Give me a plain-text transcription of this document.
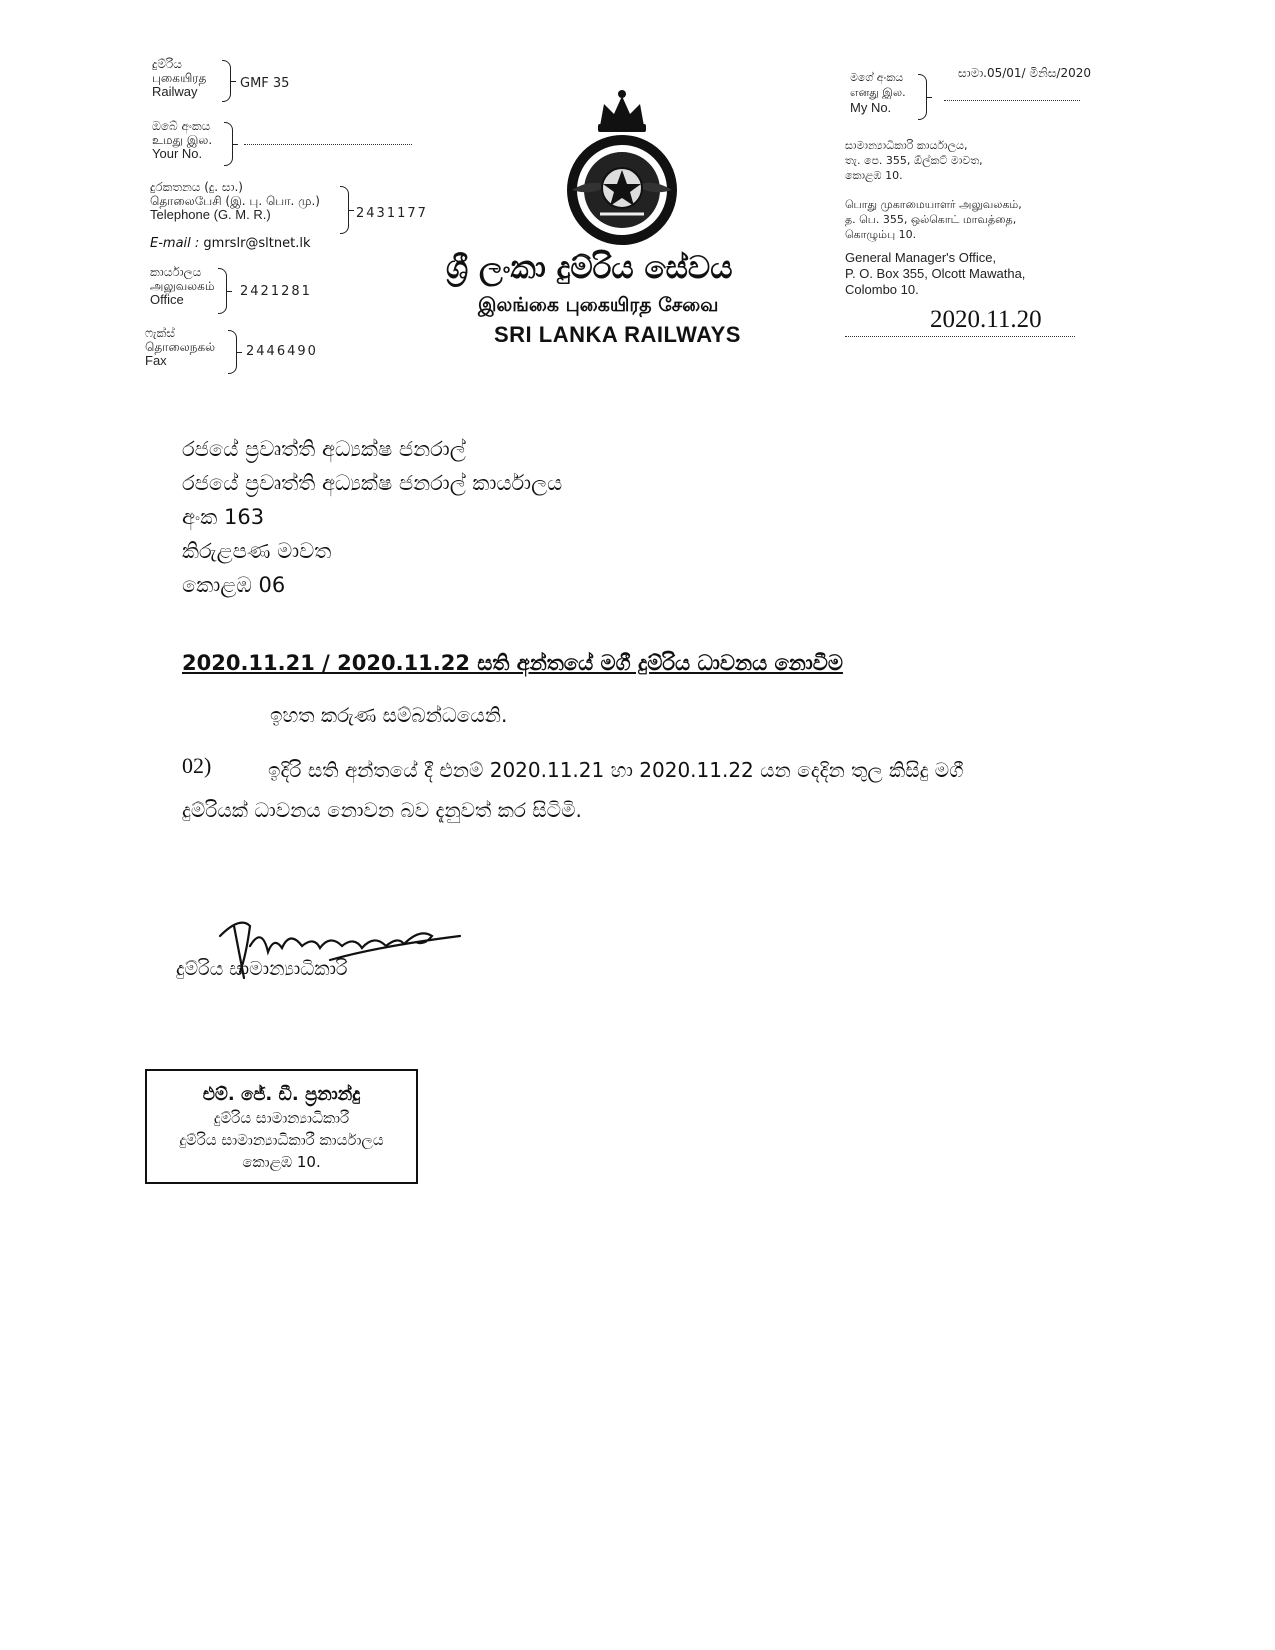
දුම්රිය
புகையிரத
Railway
GMF 35
ඔබේ අංකය
உமது இல.
Your No.
දුරකතනය (දු. සා.)
தொலைபேசி (இ. பு. பொ. மு.)
Telephone (G. M. R.)	2431177
E-mail : gmrslr@sltnet.lk
කාර්යාලය
அலுவலகம்
Office
2421281
ෆැක්ස්
தொலைநகல்
Fax
2446490
ශ්‍රී ලංකා දුම්රිය සේවය
இலங்கை புகையிரத சேவை
SRI LANKA RAILWAYS
සාමා.05/01/ මිනිස/2020
මගේ අංකය
எனது இல.
My No.
සාමාන්‍යාධිකාරි කාර්යාලය,
තැ. පෙ. 355, ඕල්කට් මාවත,
කොළඹ 10.
பொது முகாமையாளர் அலுவலகம்,
த. பெ. 355, ஒல்கொட் மாவத்தை,
கொழும்பு 10.
General Manager's Office,
P. O. Box 355, Olcott Mawatha,
Colombo 10.
2020.11.20
රජයේ ප්‍රවෘත්ති අධ්‍යක්ෂ ජනරාල්
රජයේ ප්‍රවෘත්ති අධ්‍යක්ෂ ජනරාල් කාර්යාලය
අංක 163
කිරුළපණ මාවත
කොළඹ 06
2020.11.21 / 2020.11.22 සති අන්තයේ මගී දුම්රිය ධාවනය නොවීම
ඉහත කරුණ සම්බන්ධයෙනි.
02)	ඉදිරි සති අන්තයේ දී එනම් 2020.11.21 හා 2020.11.22 යන දෙදින තුල කිසිදු මගී
දුම්රියක් ධාවනය නොවන බව දැනුවත් කර සිටිමි.
දුම්රිය සාමාන්‍යාධිකාරි
එම්. ජේ. ඩී. ප්‍රනාන්දු
දුම්රිය සාමාන්‍යාධිකාරී
දුම්රිය සාමාන්‍යාධිකාරී කාර්යාලය
කොළඹ 10.
